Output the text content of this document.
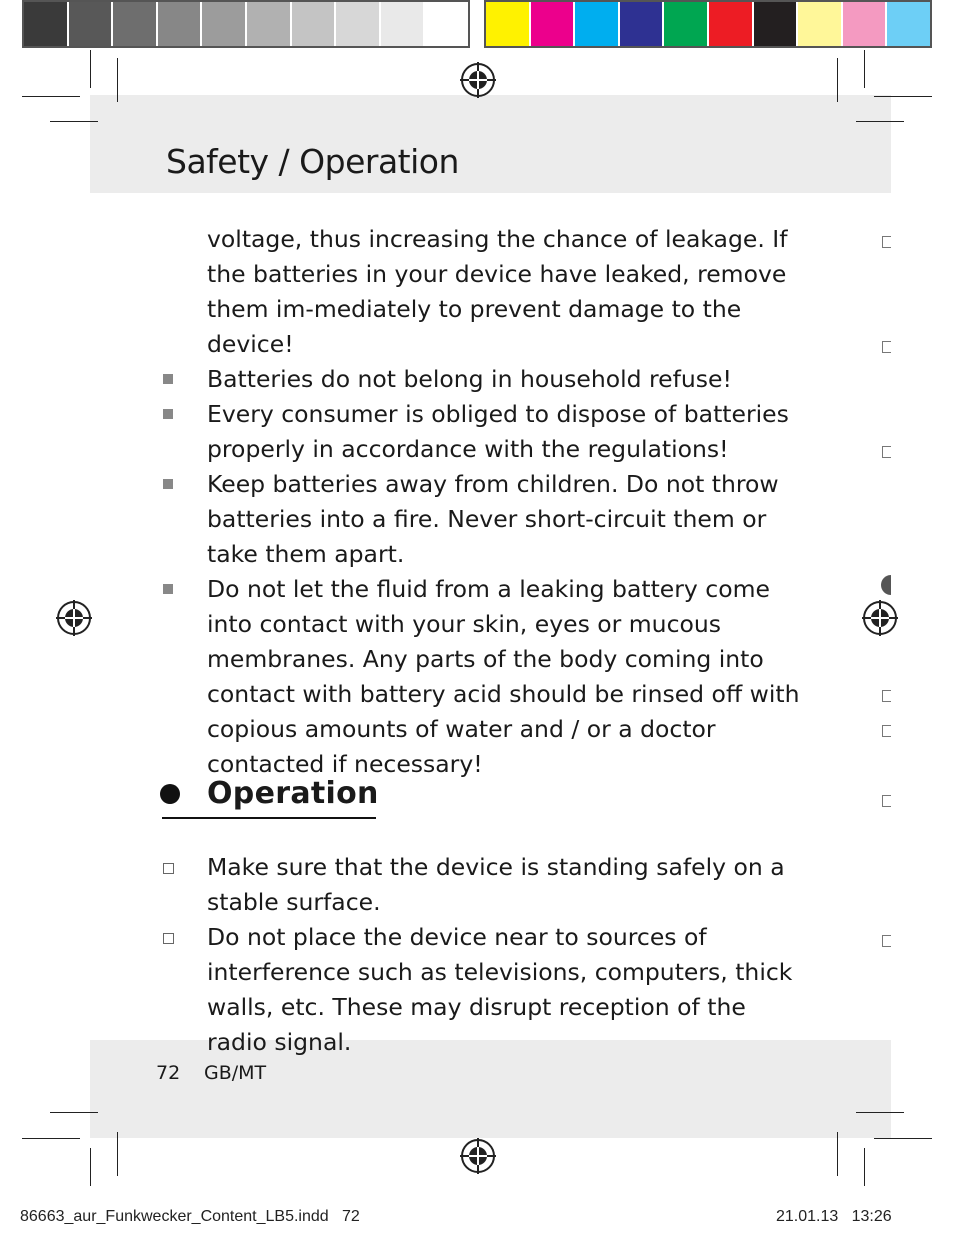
Safety / Operation
voltage, thus increasing the chance of leakage. If the batteries in your device have leaked, remove them im-mediately to prevent damage to the device!
Batteries do not belong in household refuse!
Every consumer is obliged to dispose of batteries properly in accordance with the regulations!
Keep batteries away from children. Do not throw batteries into a fire. Never short-circuit them or take them apart.
Do not let the fluid from a leaking battery come into contact with your skin, eyes or mucous membranes. Any parts of the body coming into contact with battery acid should be rinsed off with copious amounts of water and / or a doctor contacted if necessary!
Operation
Make sure that the device is standing safely on a stable surface.
Do not place the device near to sources of interference such as televisions, computers, thick walls, etc. These may disrupt reception of the radio signal.
72 GB/MT
86663_aur_Funkwecker_Content_LB5.indd   72	21.01.13   13:26
